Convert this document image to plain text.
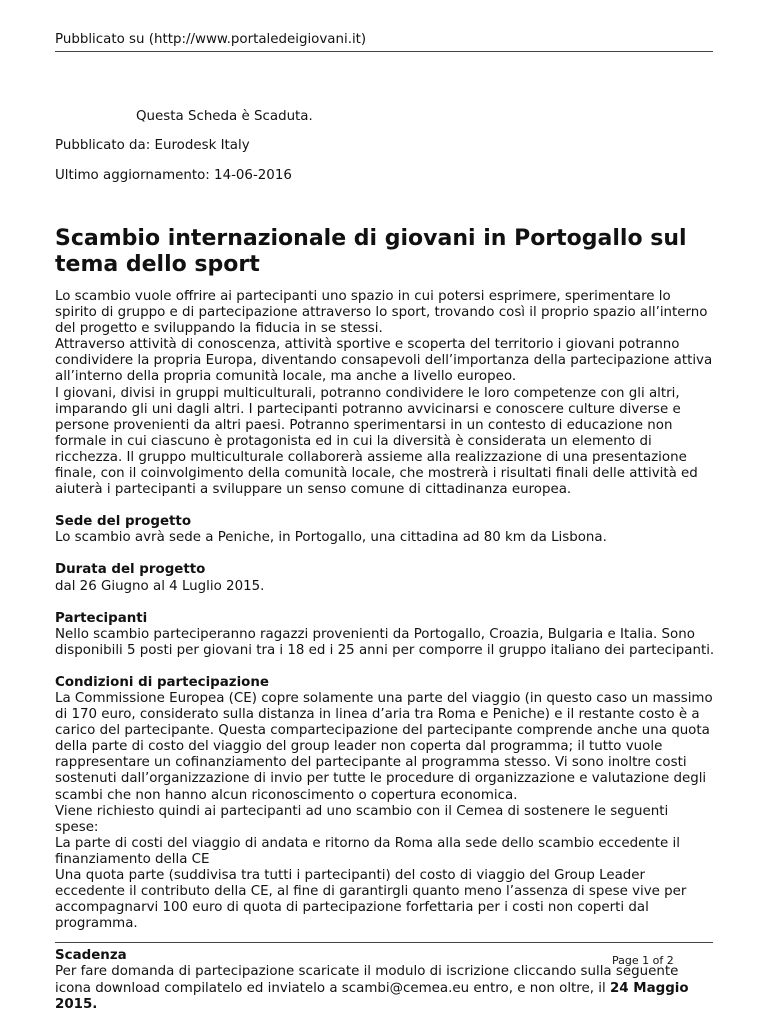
Pubblicato su (http://www.portaledeigiovani.it)
Questa Scheda è Scaduta.
Pubblicato da: Eurodesk Italy
Ultimo aggiornamento: 14-06-2016
Scambio internazionale di giovani in Portogallo sul tema dello sport

Lo scambio vuole offrire ai partecipanti uno spazio in cui potersi esprimere, sperimentare lo spirito di gruppo e di partecipazione attraverso lo sport, trovando così il proprio spazio all’interno del progetto e sviluppando la fiducia in se stessi.
Attraverso attività di conoscenza, attività sportive e scoperta del territorio i giovani potranno condividere la propria Europa, diventando consapevoli dell’importanza della partecipazione attiva all’interno della propria comunità locale, ma anche a livello europeo.
I giovani, divisi in gruppi multiculturali, potranno condividere le loro competenze con gli altri, imparando gli uni dagli altri. I partecipanti potranno avvicinarsi e conoscere culture diverse e persone provenienti da altri paesi. Potranno sperimentarsi in un contesto di educazione non formale in cui ciascuno è protagonista ed in cui la diversità è considerata un elemento di ricchezza. Il gruppo multiculturale collaborerà assieme alla realizzazione di una presentazione finale, con il coinvolgimento della comunità locale, che mostrerà i risultati finali delle attività ed aiuterà i partecipanti a sviluppare un senso comune di cittadinanza europea.

Sede del progetto
Lo scambio avrà sede a Peniche, in Portogallo, una cittadina ad 80 km da Lisbona.
Durata del progetto
dal 26 Giugno al 4 Luglio 2015.
Partecipanti
Nello scambio parteciperanno ragazzi provenienti da Portogallo, Croazia, Bulgaria e Italia. Sono disponibili 5 posti per giovani tra i 18 ed i 25 anni per comporre il gruppo italiano dei partecipanti.
Condizioni di partecipazione
La Commissione Europea (CE) copre solamente una parte del viaggio (in questo caso un massimo di 170 euro, considerato sulla distanza in linea d’aria tra Roma e Peniche) e il restante costo è a carico del partecipante. Questa compartecipazione del partecipante comprende anche una quota della parte di costo del viaggio del group leader non coperta dal programma; il tutto vuole rappresentare un cofinanziamento del partecipante al programma stesso. Vi sono inoltre costi sostenuti dall’organizzazione di invio per tutte le procedure di organizzazione e valutazione degli scambi che non hanno alcun riconoscimento o copertura economica.
Viene richiesto quindi ai partecipanti ad uno scambio con il Cemea di sostenere le seguenti spese:
La parte di costi del viaggio di andata e ritorno da Roma alla sede dello scambio eccedente il finanziamento della CE
Una quota parte (suddivisa tra tutti i partecipanti) del costo di viaggio del Group Leader eccedente il contributo della CE, al fine di garantirgli quanto meno l’assenza di spese vive per accompagnarvi 100 euro di quota di partecipazione forfettaria per i costi non coperti dal programma.
Scadenza
Per fare domanda di partecipazione scaricate il modulo di iscrizione cliccando sulla seguente icona download compilatelo ed inviatelo a scambi@cemea.eu entro, e non oltre, il 24 Maggio 2015.
Page 1 of 2
